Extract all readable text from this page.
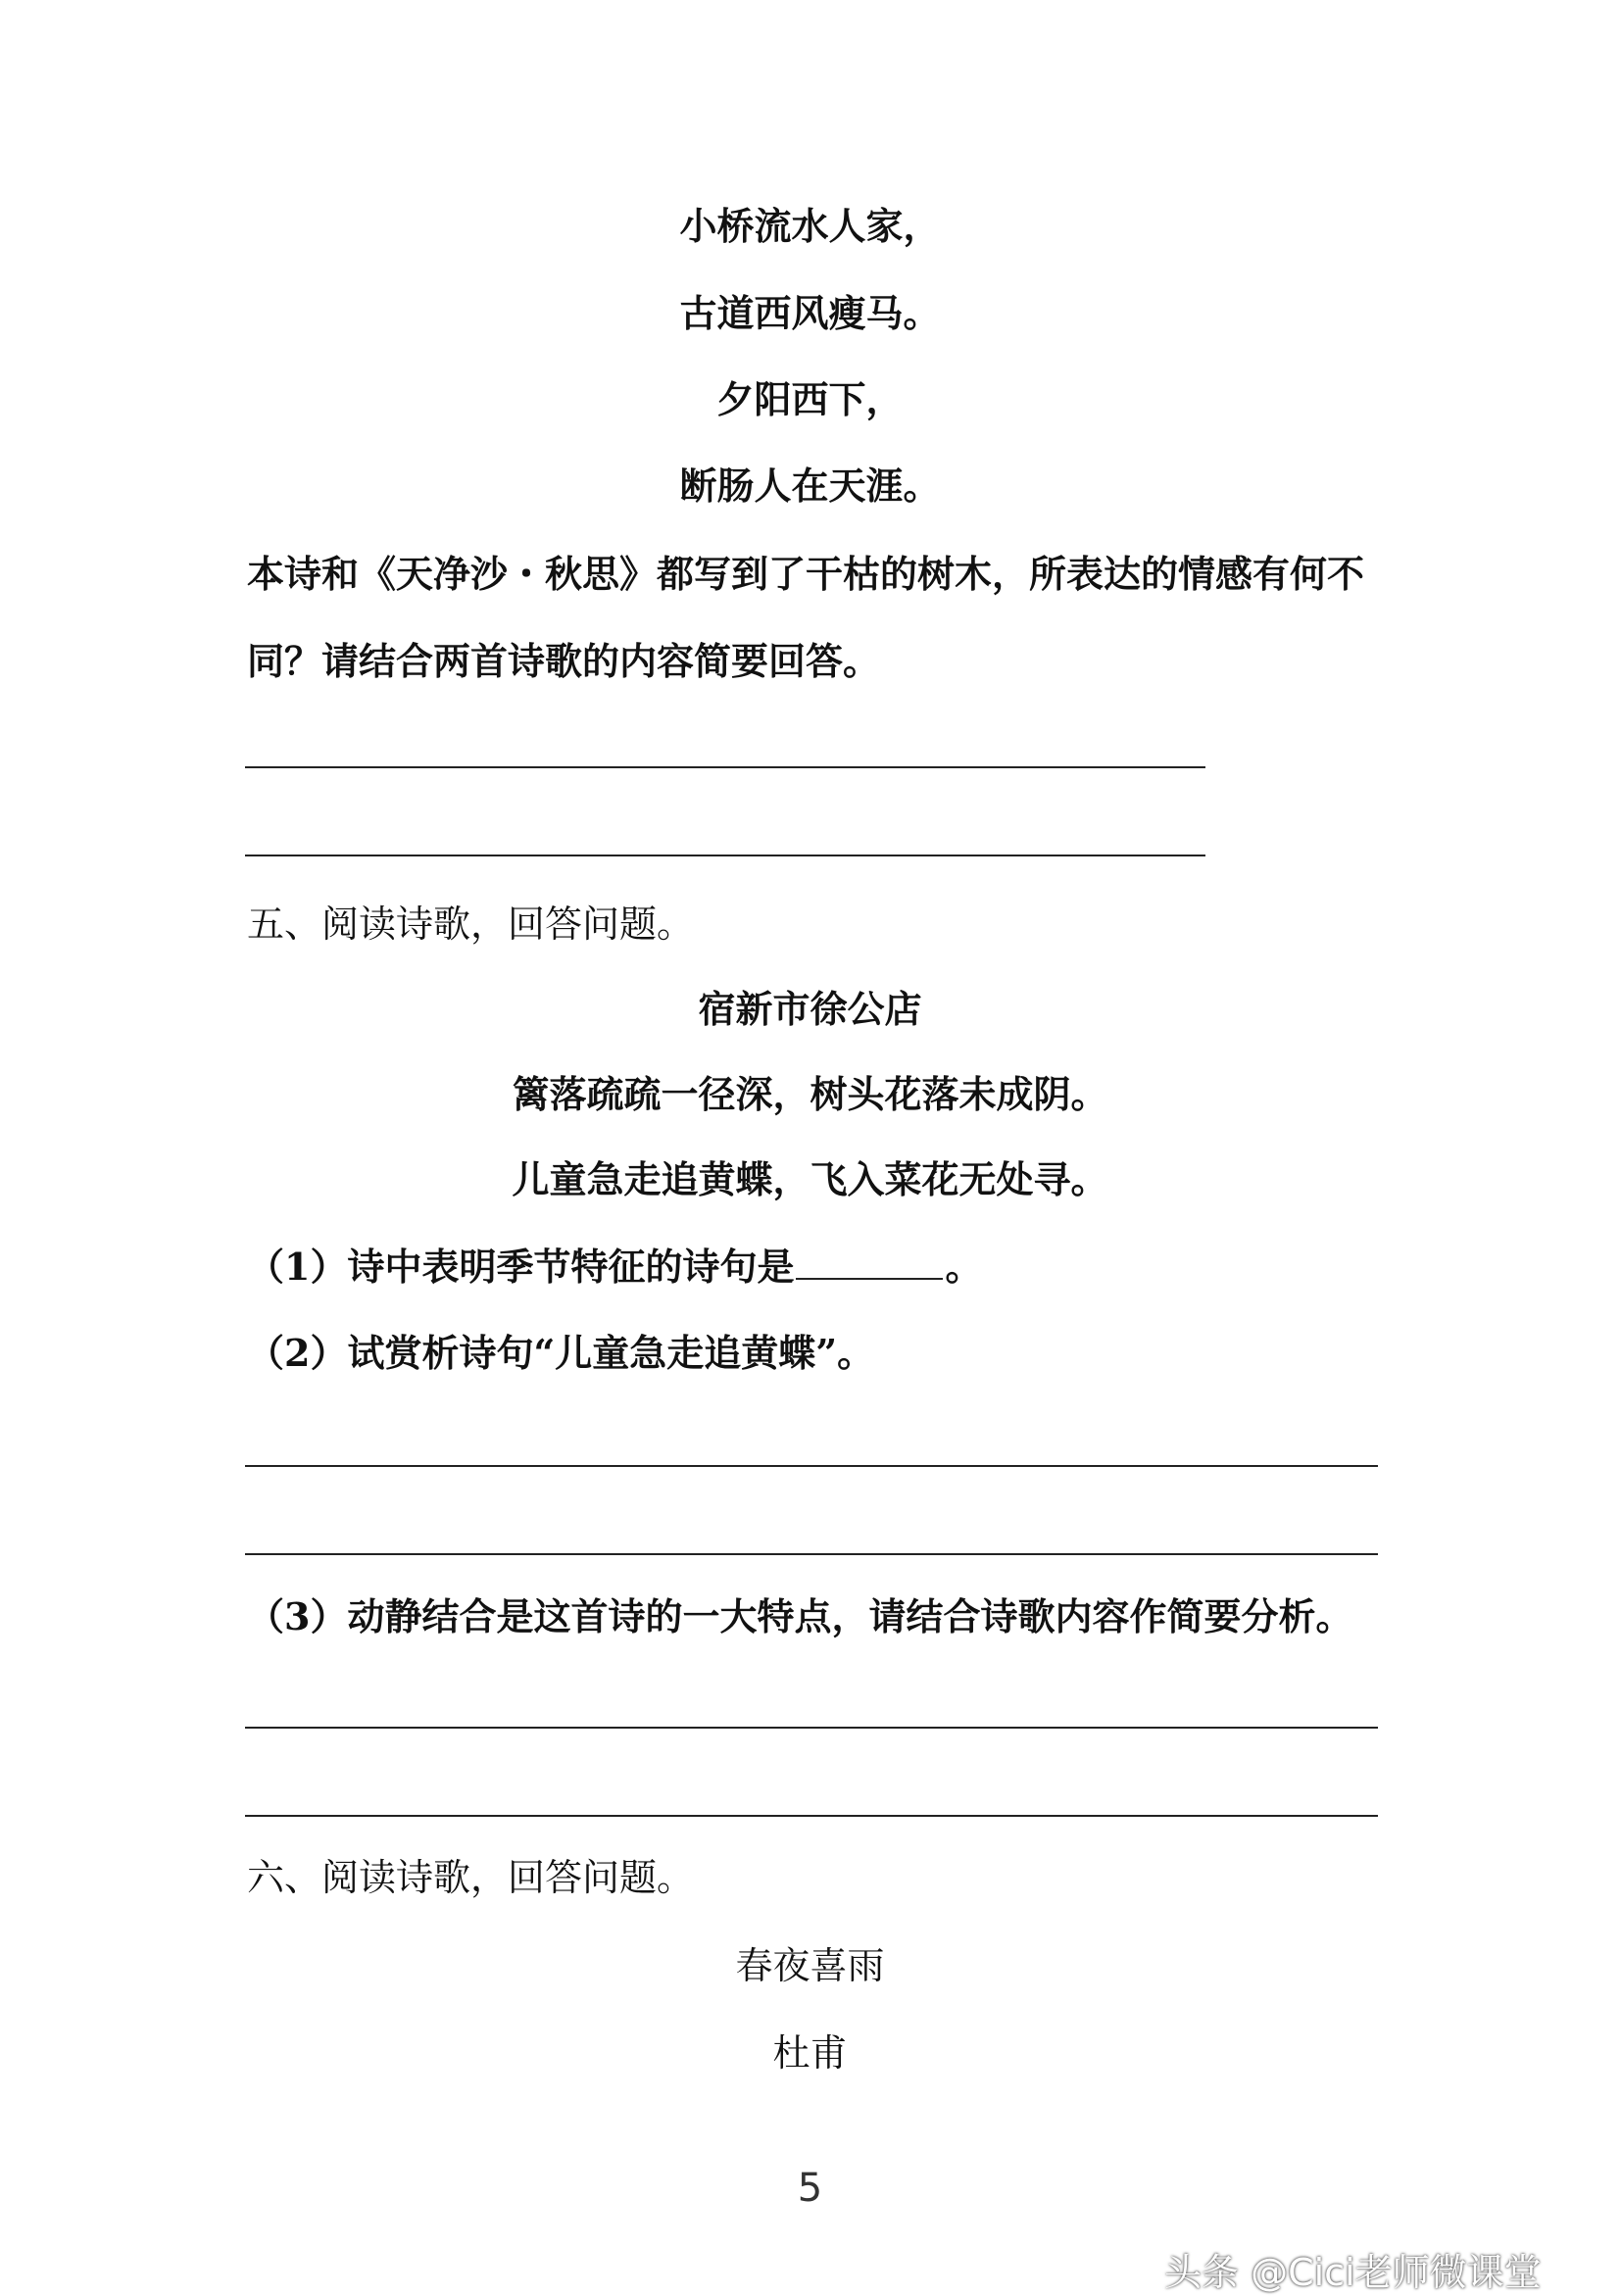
小桥流水人家，
古道西风瘦马。
夕阳西下，
断肠人在天涯。
本诗和《天净沙・秋思》都写到了干枯的树木，所表达的情感有何不
同？请结合两首诗歌的内容简要回答。
五、阅读诗歌，回答问题。
宿新市徐公店
篱落疏疏一径深，树头花落未成阴。
儿童急走追黄蝶，飞入菜花无处寻。
（1）诗中表明季节特征的诗句是	。
（2）试赏析诗句“儿童急走追黄蝶”。
（3）动静结合是这首诗的一大特点，请结合诗歌内容作简要分析。
六、阅读诗歌，回答问题。
春夜喜雨
杜甫
5
头条 @Cici老师微课堂
